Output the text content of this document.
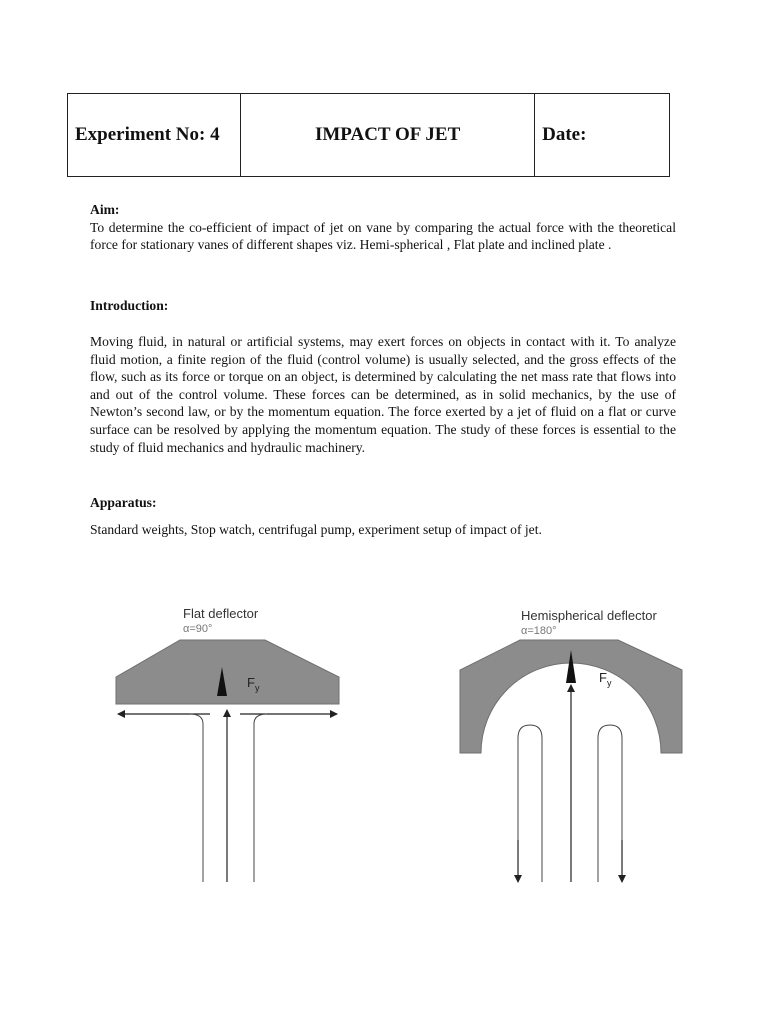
Experiment No: 4	IMPACT OF JET	Date:
Aim:
To determine the co-efficient of impact of jet on vane by comparing the actual force with the theoretical force for stationary vanes of different shapes viz. Hemi-spherical , Flat plate and inclined plate .
Introduction:
Moving fluid, in natural or artificial systems, may exert forces on objects in contact with it. To analyze fluid motion, a finite region of the fluid (control volume) is usually selected, and the gross effects of the flow, such as its force or torque on an object, is determined by calculating the net mass rate that flows into and out of the control volume. These forces can be determined, as in solid mechanics, by the use of Newton’s second law, or by the momentum equation. The force exerted by a jet of fluid on a flat or curve surface can be resolved by applying the momentum equation. The study of these forces is essential to the study of fluid mechanics and hydraulic machinery.
Apparatus:
Standard weights, Stop watch, centrifugal pump, experiment setup of impact of jet.
Flat deflector
α=90°
$F_y$
Hemispherical deflector
α=180°
$F_y$
